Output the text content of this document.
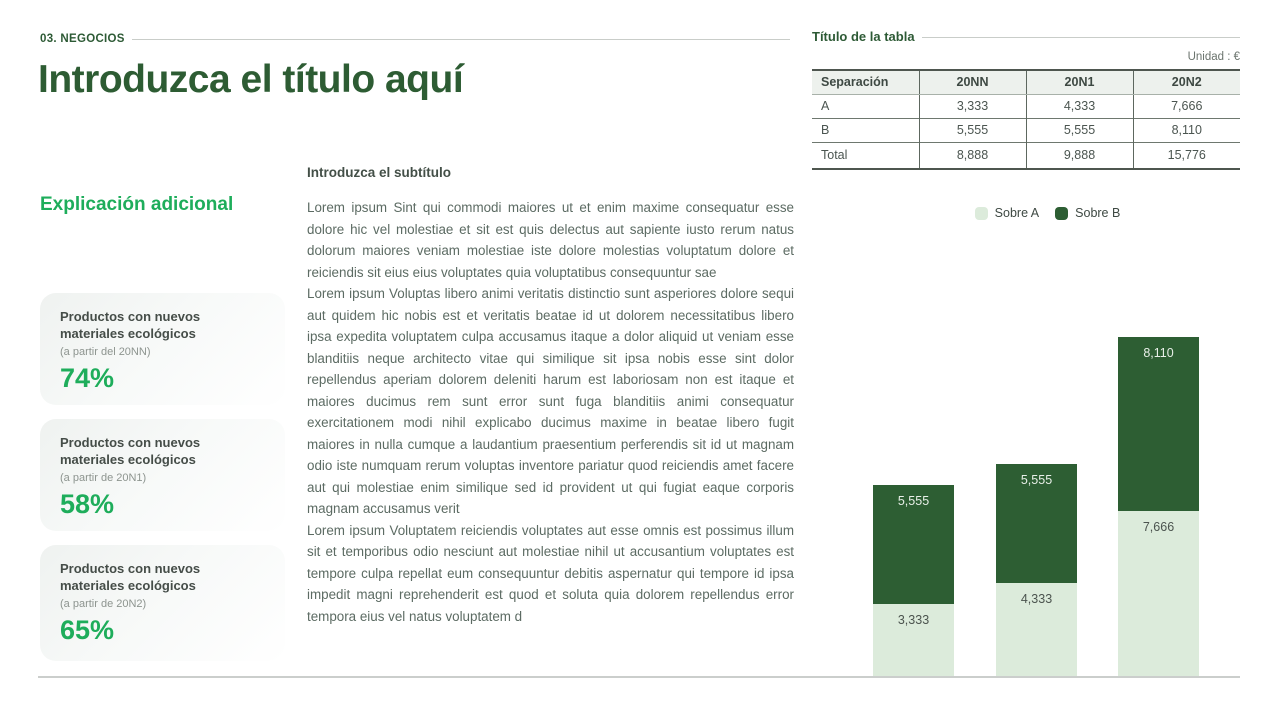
03. NEGOCIOS
Introduzca el título aquí
Explicación adicional
Productos con nuevos materiales ecológicos
(a partir del 20NN)
74%
Productos con nuevos materiales ecológicos
(a partir de 20N1)
58%
Productos con nuevos materiales ecológicos
(a partir de 20N2)
65%
Introduzca el subtítulo

Lorem ipsum Sint qui commodi maiores ut et enim maxime consequatur esse dolore hic vel molestiae et sit est quis delectus aut sapiente iusto rerum natus dolorum maiores veniam molestiae iste dolore molestias voluptatum dolore et reiciendis sit eius eius voluptates quia voluptatibus consequuntur sae

Lorem ipsum Voluptas libero animi veritatis distinctio sunt asperiores dolore sequi aut quidem hic nobis est et veritatis beatae id ut dolorem necessitatibus libero ipsa expedita voluptatem culpa accusamus itaque a dolor aliquid ut veniam esse blanditiis neque architecto vitae qui similique sit ipsa nobis esse sint dolor repellendus aperiam dolorem deleniti harum est laboriosam non est itaque et maiores ducimus rem sunt error sunt fuga blanditiis animi consequatur exercitationem modi nihil explicabo ducimus maxime in beatae libero fugit maiores in nulla cumque a laudantium praesentium perferendis sit id ut magnam odio iste numquam rerum voluptas inventore pariatur quod reiciendis amet facere aut qui molestiae enim similique sed id provident ut qui fugiat eaque corporis magnam accusamus verit

Lorem ipsum Voluptatem reiciendis voluptates aut esse omnis est possimus illum sit et temporibus odio nesciunt aut molestiae nihil ut accusantium voluptates est tempore culpa repellat eum consequuntur debitis aspernatur qui tempore id ipsa impedit magni reprehenderit est quod et soluta quia dolorem repellendus error tempora eius vel natus voluptatem d

Título de la tabla
Unidad : €
Separación	20NN	20N1	20N2
A	3,333	4,333	7,666
B	5,555	5,555	8,110
Total	8,888	9,888	15,776
Sobre A	Sobre B
5,555
3,333
5,555
4,333
8,110
7,666
